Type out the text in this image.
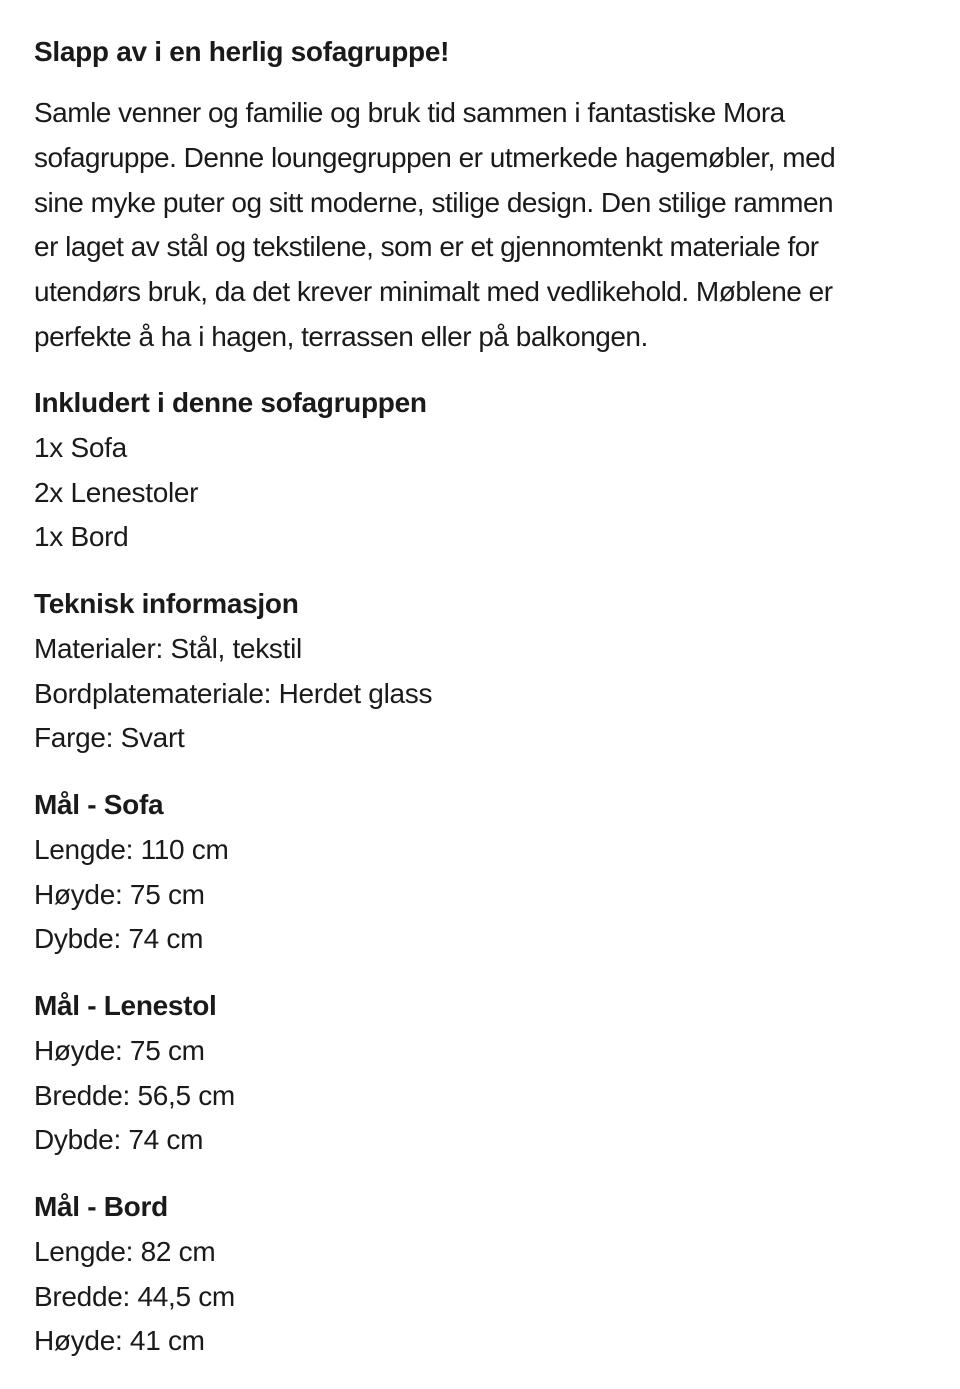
Slapp av i en herlig sofagruppe!

Samle venner og familie og bruk tid sammen i fantastiske Mora
sofagruppe. Denne loungegruppen er utmerkede hagemøbler, med
sine myke puter og sitt moderne, stilige design. Den stilige rammen
er laget av stål og tekstilene, som er et gjennomtenkt materiale for
utendørs bruk, da det krever minimalt med vedlikehold. Møblene er
perfekte å ha i hagen, terrassen eller på balkongen.

Inkludert i denne sofagruppen
1x Sofa
2x Lenestoler
1x Bord
Teknisk informasjon
Materialer: Stål, tekstil
Bordplatemateriale: Herdet glass
Farge: Svart
Mål - Sofa
Lengde: 110 cm
Høyde: 75 cm
Dybde: 74 cm
Mål - Lenestol
Høyde: 75 cm
Bredde: 56,5 cm
Dybde: 74 cm
Mål - Bord
Lengde: 82 cm
Bredde: 44,5 cm
Høyde: 41 cm
